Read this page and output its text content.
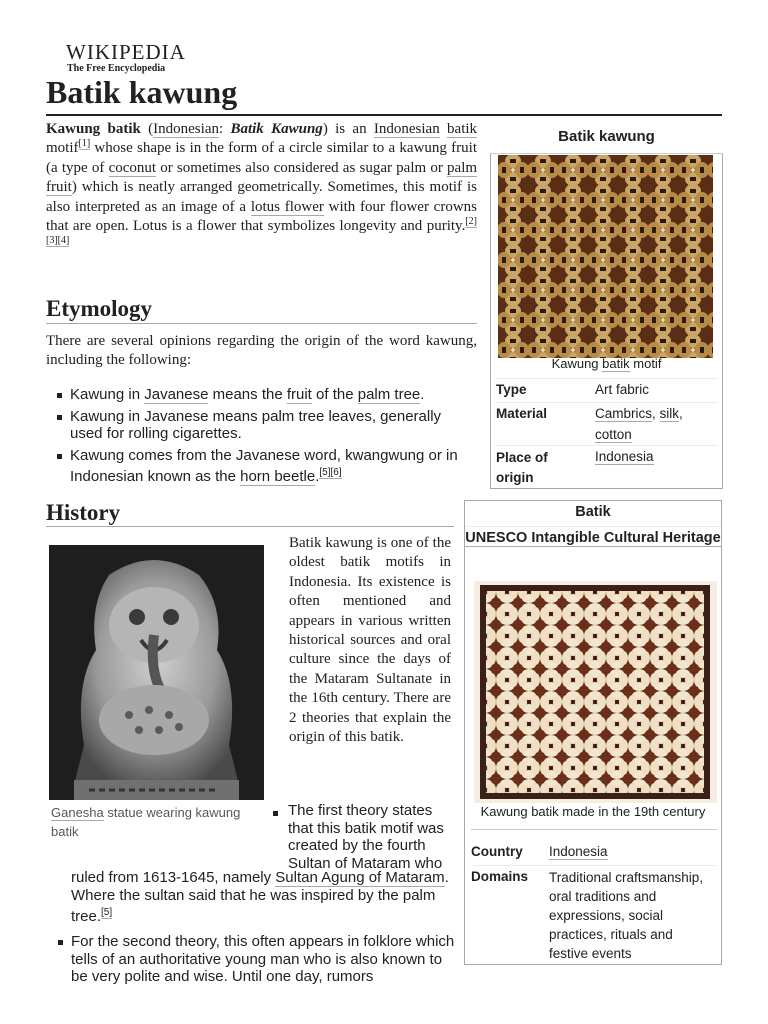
WIKIPEDIA
The Free Encyclopedia
Batik kawung

Kawung batik (Indonesian: Batik Kawung) is an Indonesian batik motif[1] whose shape is in the form of a circle similar to a kawung fruit (a type of coconut or sometimes also considered as sugar palm or palm fruit) which is neatly arranged geometrically. Sometimes, this motif is also interpreted as an image of a lotus flower with four flower crowns that are open. Lotus is a flower that symbolizes longevity and purity.[2][3][4]

Etymology

There are several opinions regarding the origin of the word kawung, including the following:

Kawung in Javanese means the fruit of the palm tree.
Kawung in Javanese means palm tree leaves, generally used for rolling cigarettes.
Kawung comes from the Javanese word, kwangwung or in Indonesian known as the horn beetle.[5][6]
History

Batik kawung is one of the oldest batik motifs in Indonesia. Its existence is often mentioned and appears in various written historical sources and oral culture since the days of the Mataram Sultanate in the 16th century. There are 2 theories that explain the origin of this batik.

Ganesha statue wearing kawung batik
The first theory states that this batik motif was created by the fourth Sultan of Mataram who
ruled from 1613-1645, namely Sultan Agung of Mataram. Where the sultan said that he was inspired by the palm tree.[5]
For the second theory, this often appears in folklore which tells of an authoritative young man who is also known to be very polite and wise. Until one day, rumors
Batik kawung
Kawung batik motif
Type	Art fabric
Material	Cambrics, silk, cotton
Place of origin
Indonesia
Batik
UNESCO Intangible Cultural Heritage
Kawung batik made in the 19th century
Country Indonesia
Domains Traditional craftsmanship, oral traditions and expressions, social practices, rituals and festive events
